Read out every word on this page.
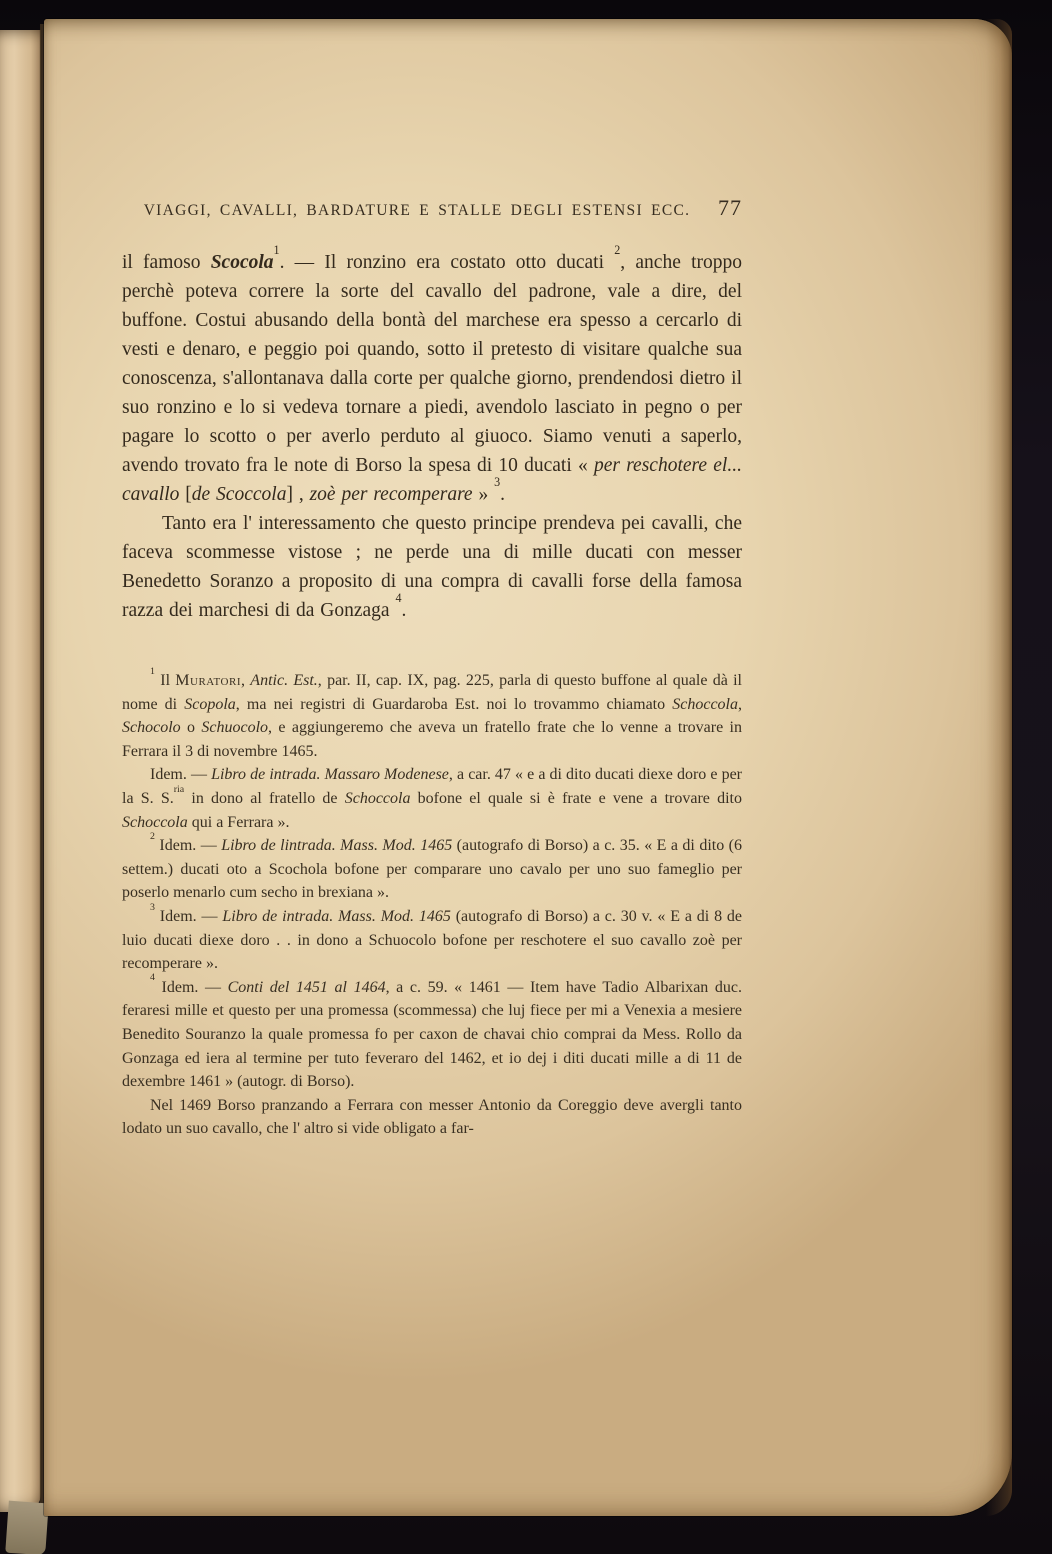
VIAGGI, CAVALLI, BARDATURE E STALLE DEGLI ESTENSI ECC.	77

il famoso Scocola$^1$. — Il ronzino era costato otto ducati $^2$, anche troppo perchè poteva correre la sorte del cavallo del padrone, vale a dire, del buffone. Costui abusando della bontà del marchese era spesso a cercarlo di vesti e denaro, e peggio poi quando, sotto il pretesto di visitare qualche sua conoscenza, s'allontanava dalla corte per qualche giorno, prendendosi dietro il suo ronzino e lo si vedeva tornare a piedi, avendolo lasciato in pegno o per pagare lo scotto o per averlo perduto al giuoco. Siamo venuti a saperlo, avendo trovato fra le note di Borso la spesa di 10 ducati « per reschotere el... cavallo [de Scoccola] , zoè per recomperare » $^3$.

Tanto era l' interessamento che questo principe prendeva pei cavalli, che faceva scommesse vistose ; ne perde una di mille ducati con messer Benedetto Soranzo a proposito di una compra di cavalli forse della famosa razza dei marchesi di da Gonzaga $^4$.

$^1$ Il Muratori, Antic. Est., par. II, cap. IX, pag. 225, parla di questo buffone al quale dà il nome di Scopola, ma nei registri di Guardaroba Est. noi lo trovammo chiamato Schoccola, Schocolo o Schuocolo, e aggiungeremo che aveva un fratello frate che lo venne a trovare in Ferrara il 3 di novembre 1465.

Idem. — Libro de intrada. Massaro Modenese, a car. 47 « e a di dito ducati diexe doro e per la S. S.$^{ria}$ in dono al fratello de Schoccola bofone el quale si è frate e vene a trovare dito Schoccola qui a Ferrara ».

$^2$ Idem. — Libro de lintrada. Mass. Mod. 1465 (autografo di Borso) a c. 35. « E a di dito (6 settem.) ducati oto a Scochola bofone per comparare uno cavalo per uno suo fameglio per poserlo menarlo cum secho in brexiana ».

$^3$ Idem. — Libro de intrada. Mass. Mod. 1465 (autografo di Borso) a c. 30 v. « E a di 8 de luio ducati diexe doro . . in dono a Schuocolo bofone per reschotere el suo cavallo zoè per recomperare ».

$^4$ Idem. — Conti del 1451 al 1464, a c. 59. « 1461 — Item have Tadio Albarixan duc. feraresi mille et questo per una promessa (scommessa) che luj fiece per mi a Venexia a mesiere Benedito Souranzo la quale promessa fo per caxon de chavai chio comprai da Mess. Rollo da Gonzaga ed iera al termine per tuto feveraro del 1462, et io dej i diti ducati mille a di 11 de dexembre 1461 » (autogr. di Borso).

Nel 1469 Borso pranzando a Ferrara con messer Antonio da Coreggio deve avergli tanto lodato un suo cavallo, che l' altro si vide obligato a far-
